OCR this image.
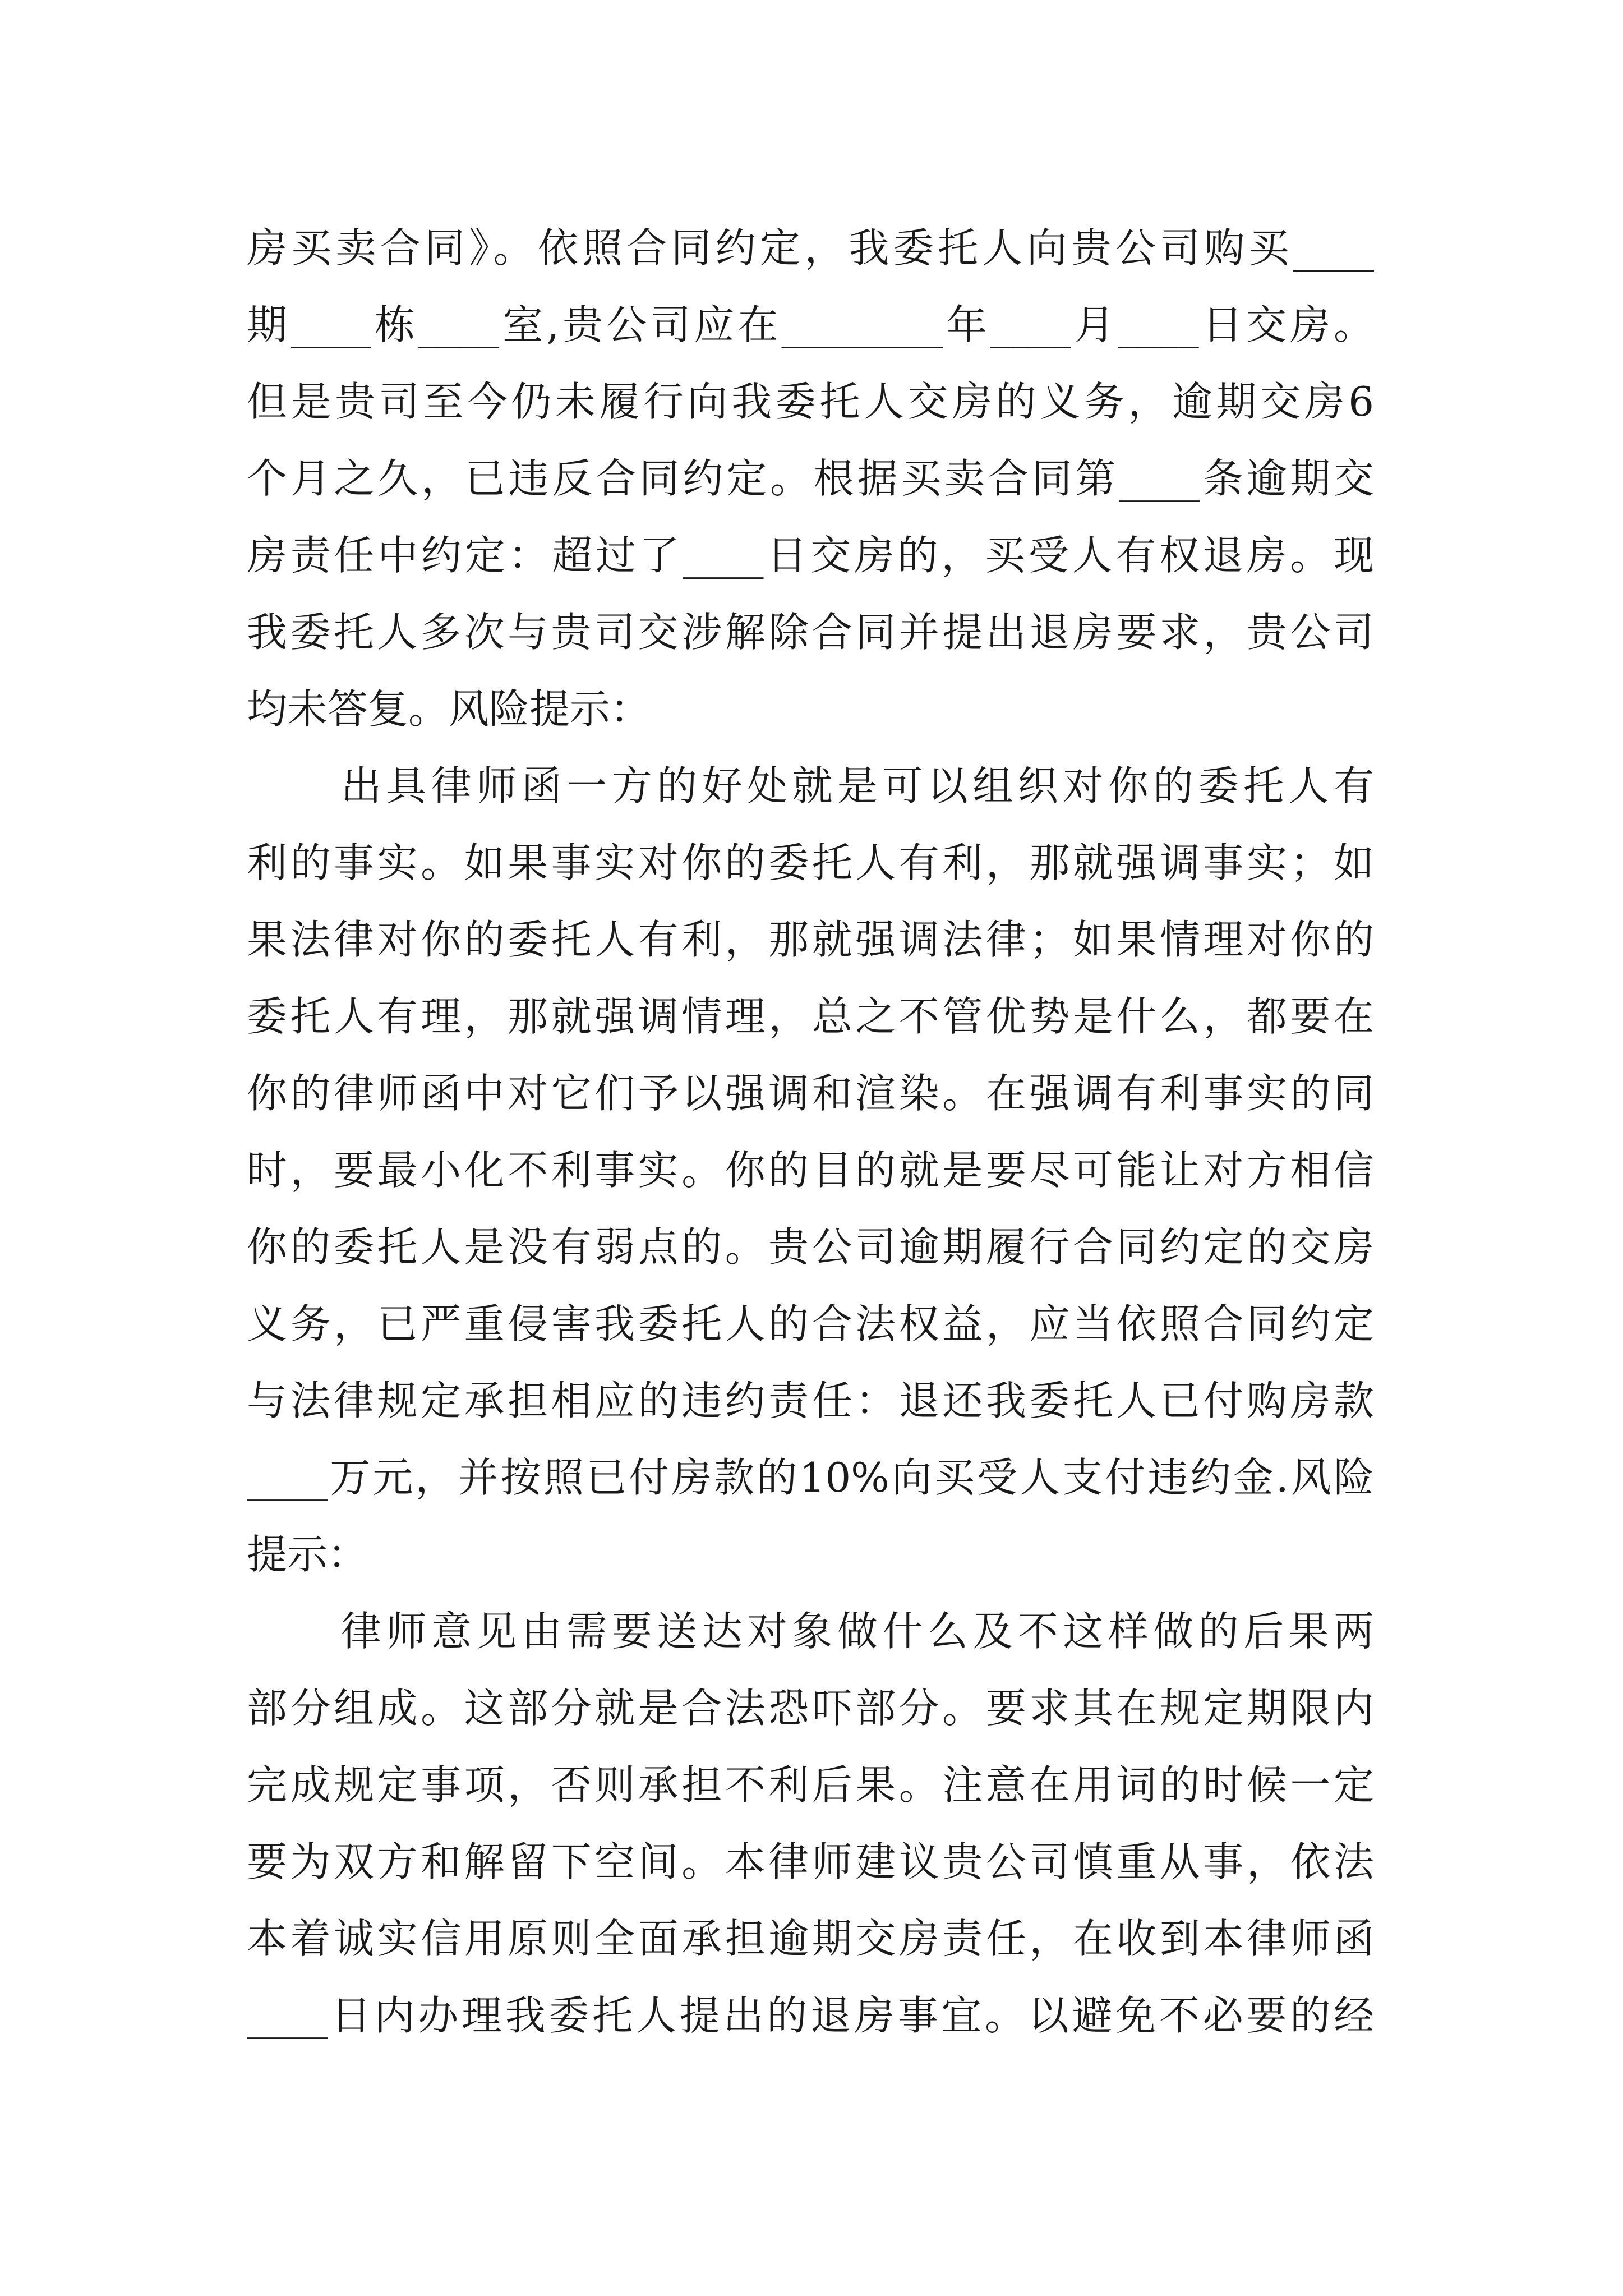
房买卖合同》。依照合同约定，我委托人向贵公司购买____
期____栋____室,贵公司应在________年____月____日交房。
但是贵司至今仍未履行向我委托人交房的义务，逾期交房6
个月之久，已违反合同约定。根据买卖合同第____条逾期交
房责任中约定：超过了____日交房的，买受人有权退房。现
我委托人多次与贵司交涉解除合同并提出退房要求，贵公司
均未答复。风险提示：
出具律师函一方的好处就是可以组织对你的委托人有
利的事实。如果事实对你的委托人有利，那就强调事实；如
果法律对你的委托人有利，那就强调法律；如果情理对你的
委托人有理，那就强调情理，总之不管优势是什么，都要在
你的律师函中对它们予以强调和渲染。在强调有利事实的同
时，要最小化不利事实。你的目的就是要尽可能让对方相信
你的委托人是没有弱点的。贵公司逾期履行合同约定的交房
义务，已严重侵害我委托人的合法权益，应当依照合同约定
与法律规定承担相应的违约责任：退还我委托人已付购房款
____万元，并按照已付房款的10%向买受人支付违约金.风险
提示：
律师意见由需要送达对象做什么及不这样做的后果两
部分组成。这部分就是合法恐吓部分。要求其在规定期限内
完成规定事项，否则承担不利后果。注意在用词的时候一定
要为双方和解留下空间。本律师建议贵公司慎重从事，依法
本着诚实信用原则全面承担逾期交房责任，在收到本律师函
____日内办理我委托人提出的退房事宜。以避免不必要的经
